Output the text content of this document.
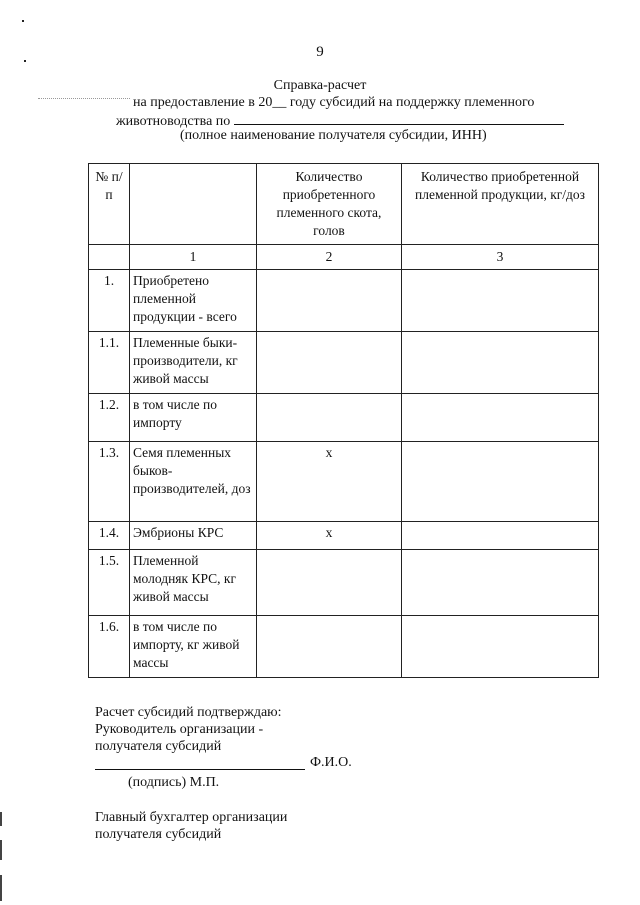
9
Справка-расчет
на предоставление в 20__ году субсидий на поддержку племенного
животноводства по
(полное наименование получателя субсидии, ИНН)
№ п/п		Количество приобретенного племенного скота, голов	Количество приобретенной племенной продукции, кг/доз
	1	2	3
1.	Приобретено племенной продукции - всего		
1.1.	Племенные быки-производители, кг живой массы		
1.2.	в том числе по импорту		
1.3.	Семя племенных быков-производителей, доз	х	
1.4.	Эмбрионы КРС	х	
1.5.	Племенной молодняк КРС, кг живой массы		
1.6.	в том числе по импорту, кг живой массы		
Расчет субсидий подтверждаю:
Руководитель организации -
получателя субсидий
Ф.И.О.
(подпись) М.П.
Главный бухгалтер организации
получателя субсидий
